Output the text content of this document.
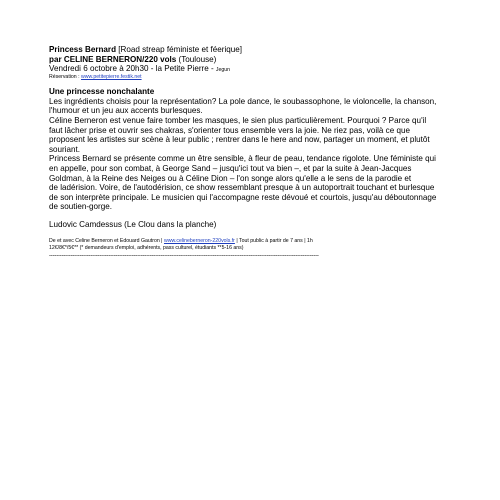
Princess Bernard [Road streap féministe et féerique]
par CELINE BERNERON/220 vols (Toulouse)
Vendredi 6 octobre à 20h30 - la Petite Pierre - Jegun
Réservation : www.petitepierre.festik.net
Une princesse nonchalante
Les ingrédients choisis pour la représentation? La pole dance, le soubassophone, le violoncelle, la chanson,
l'humour et un jeu aux accents burlesques.
Céline Berneron est venue faire tomber les masques, le sien plus particulièrement. Pourquoi ? Parce qu'il
faut lâcher prise et ouvrir ses chakras, s'orienter tous ensemble vers la joie. Ne riez pas, voilà ce que
proposent les artistes sur scène à leur public ; rentrer dans le here and now, partager un moment, et plutôt
souriant.
Princess Bernard se présente comme un être sensible, à fleur de peau, tendance rigolote. Une féministe qui
en appelle, pour son combat, à George Sand – jusqu'ici tout va bien –, et par la suite à Jean-Jacques
Goldman, à la Reine des Neiges ou à Céline Dion – l'on songe alors qu'elle a le sens de la parodie et
de ladérision. Voire, de l'autodérision, ce show ressemblant presque à un autoportrait touchant et burlesque
de son interprète principale. Le musicien qui l'accompagne reste dévoué et courtois, jusqu'au déboutonnage
de soutien-gorge.
Ludovic Camdessus (Le Clou dans la planche)
De et avec Celine Berneron et Edouard Gautron | www.celineberneron-220vols.fr | Tout public à partir de 7 ans | 1h
12€/8€*/5€** (* demandeurs d'emploi, adhérents, pass culturel, étudiants **5-16 ans)
------------------------------------------------------------------------------------------------------------------------------------------------------
